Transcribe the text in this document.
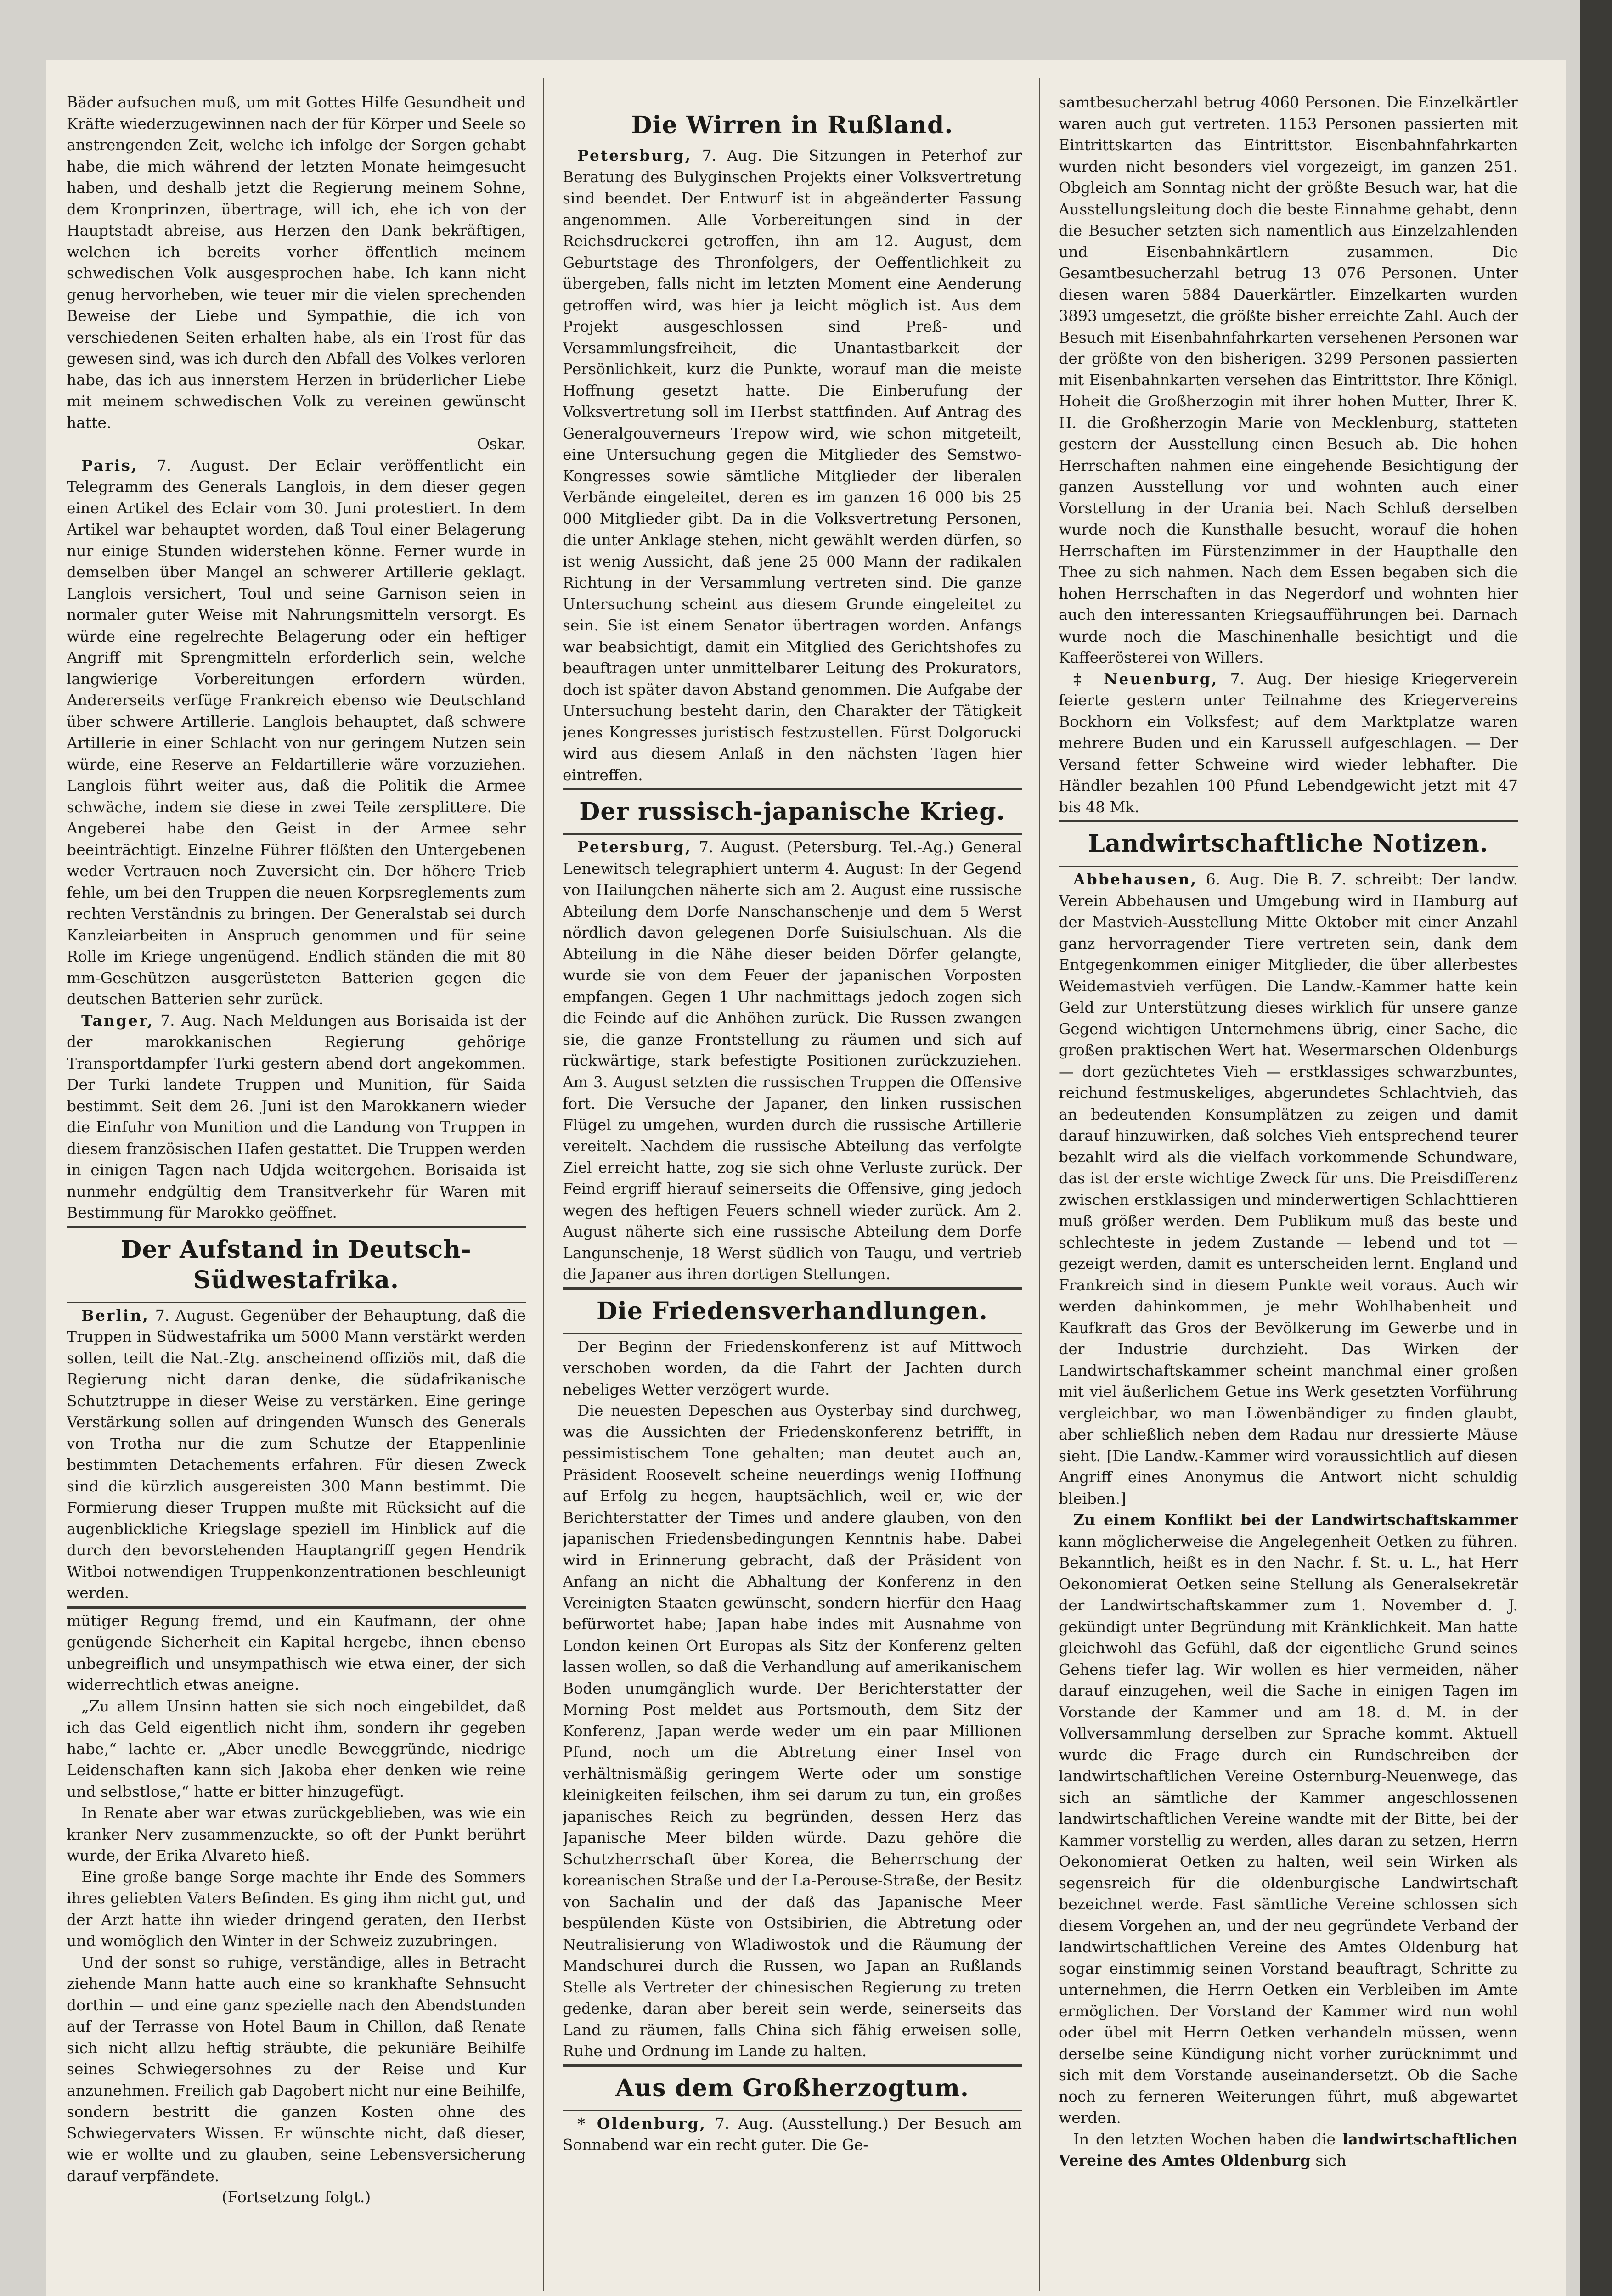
Bäder aufsuchen muß, um mit Gottes Hilfe Gesundheit und Kräfte wiederzugewinnen nach der für Körper und Seele so anstrengenden Zeit, welche ich infolge der Sorgen gehabt habe, die mich während der letzten Monate heimgesucht haben, und deshalb jetzt die Regierung meinem Sohne, dem Kronprinzen, übertrage, will ich, ehe ich von der Hauptstadt abreise, aus Herzen den Dank bekräftigen, welchen ich bereits vorher öffentlich meinem schwedischen Volk ausgesprochen habe. Ich kann nicht genug hervorheben, wie teuer mir die vielen sprechenden Beweise der Liebe und Sympathie, die ich von verschiedenen Seiten erhalten habe, als ein Trost für das gewesen sind, was ich durch den Abfall des Volkes verloren habe, das ich aus innerstem Herzen in brüderlicher Liebe mit meinem schwedischen Volk zu vereinen gewünscht hatte.

Oskar.

Paris, 7. August. Der Eclair veröffentlicht ein Telegramm des Generals Langlois, in dem dieser gegen einen Artikel des Eclair vom 30. Juni protestiert. In dem Artikel war behauptet worden, daß Toul einer Belagerung nur einige Stunden widerstehen könne. Ferner wurde in demselben über Mangel an schwerer Artillerie geklagt. Langlois versichert, Toul und seine Garnison seien in normaler guter Weise mit Nahrungsmitteln versorgt. Es würde eine regelrechte Belagerung oder ein heftiger Angriff mit Sprengmitteln erforderlich sein, welche langwierige Vorbereitungen erfordern würden. Andererseits verfüge Frankreich ebenso wie Deutschland über schwere Artillerie. Langlois behauptet, daß schwere Artillerie in einer Schlacht von nur geringem Nutzen sein würde, eine Reserve an Feldartillerie wäre vorzuziehen. Langlois führt weiter aus, daß die Politik die Armee schwäche, indem sie diese in zwei Teile zersplittere. Die Angeberei habe den Geist in der Armee sehr beeinträchtigt. Einzelne Führer flößten den Untergebenen weder Vertrauen noch Zuversicht ein. Der höhere Trieb fehle, um bei den Truppen die neuen Korpsreglements zum rechten Verständnis zu bringen. Der Generalstab sei durch Kanzleiarbeiten in Anspruch genommen und für seine Rolle im Kriege ungenügend. Endlich ständen die mit 80 mm-Geschützen ausgerüsteten Batterien gegen die deutschen Batterien sehr zurück.

Tanger, 7. Aug. Nach Meldungen aus Borisaida ist der der marokkanischen Regierung gehörige Transportdampfer Turki gestern abend dort angekommen. Der Turki landete Truppen und Munition, für Saida bestimmt. Seit dem 26. Juni ist den Marokkanern wieder die Einfuhr von Munition und die Landung von Truppen in diesem französischen Hafen gestattet. Die Truppen werden in einigen Tagen nach Udjda weitergehen. Borisaida ist nunmehr endgültig dem Transitverkehr für Waren mit Bestimmung für Marokko geöffnet.

Der Aufstand in Deutsch-Südwestafrika.

Berlin, 7. August. Gegenüber der Behauptung, daß die Truppen in Südwestafrika um 5000 Mann verstärkt werden sollen, teilt die Nat.-Ztg. anscheinend offiziös mit, daß die Regierung nicht daran denke, die südafrikanische Schutztruppe in dieser Weise zu verstärken. Eine geringe Verstärkung sollen auf dringenden Wunsch des Generals von Trotha nur die zum Schutze der Etappenlinie bestimmten Detachements erfahren. Für diesen Zweck sind die kürzlich ausgereisten 300 Mann bestimmt. Die Formierung dieser Truppen mußte mit Rücksicht auf die augenblickliche Kriegslage speziell im Hinblick auf die durch den bevorstehenden Hauptangriff gegen Hendrik Witboi notwendigen Truppenkonzentrationen beschleunigt werden.

mütiger Regung fremd, und ein Kaufmann, der ohne genügende Sicherheit ein Kapital hergebe, ihnen ebenso unbegreiflich und unsympathisch wie etwa einer, der sich widerrechtlich etwas aneigne.

„Zu allem Unsinn hatten sie sich noch eingebildet, daß ich das Geld eigentlich nicht ihm, sondern ihr gegeben habe,“ lachte er. „Aber unedle Beweggründe, niedrige Leidenschaften kann sich Jakoba eher denken wie reine und selbstlose,“ hatte er bitter hinzugefügt.

In Renate aber war etwas zurückgeblieben, was wie ein kranker Nerv zusammenzuckte, so oft der Punkt berührt wurde, der Erika Alvareto hieß.

Eine große bange Sorge machte ihr Ende des Sommers ihres geliebten Vaters Befinden. Es ging ihm nicht gut, und der Arzt hatte ihn wieder dringend geraten, den Herbst und womöglich den Winter in der Schweiz zuzubringen.

Und der sonst so ruhige, verständige, alles in Betracht ziehende Mann hatte auch eine so krankhafte Sehnsucht dorthin — und eine ganz spezielle nach den Abendstunden auf der Terrasse von Hotel Baum in Chillon, daß Renate sich nicht allzu heftig sträubte, die pekuniäre Beihilfe seines Schwiegersohnes zu der Reise und Kur anzunehmen. Freilich gab Dagobert nicht nur eine Beihilfe, sondern bestritt die ganzen Kosten ohne des Schwiegervaters Wissen. Er wünschte nicht, daß dieser, wie er wollte und zu glauben, seine Lebensversicherung darauf verpfändete.

(Fortsetzung folgt.)

Die Wirren in Rußland.

Petersburg, 7. Aug. Die Sitzungen in Peterhof zur Beratung des Bulyginschen Projekts einer Volksvertretung sind beendet. Der Entwurf ist in abgeänderter Fassung angenommen. Alle Vorbereitungen sind in der Reichsdruckerei getroffen, ihn am 12. August, dem Geburtstage des Thronfolgers, der Oeffentlichkeit zu übergeben, falls nicht im letzten Moment eine Aenderung getroffen wird, was hier ja leicht möglich ist. Aus dem Projekt ausgeschlossen sind Preß- und Versammlungsfreiheit, die Unantastbarkeit der Persönlichkeit, kurz die Punkte, worauf man die meiste Hoffnung gesetzt hatte. Die Einberufung der Volksvertretung soll im Herbst stattfinden. Auf Antrag des Generalgouverneurs Trepow wird, wie schon mitgeteilt, eine Untersuchung gegen die Mitglieder des Semstwo-Kongresses sowie sämtliche Mitglieder der liberalen Verbände eingeleitet, deren es im ganzen 16 000 bis 25 000 Mitglieder gibt. Da in die Volksvertretung Personen, die unter Anklage stehen, nicht gewählt werden dürfen, so ist wenig Aussicht, daß jene 25 000 Mann der radikalen Richtung in der Versammlung vertreten sind. Die ganze Untersuchung scheint aus diesem Grunde eingeleitet zu sein. Sie ist einem Senator übertragen worden. Anfangs war beabsichtigt, damit ein Mitglied des Gerichtshofes zu beauftragen unter unmittelbarer Leitung des Prokurators, doch ist später davon Abstand genommen. Die Aufgabe der Untersuchung besteht darin, den Charakter der Tätigkeit jenes Kongresses juristisch festzustellen. Fürst Dolgorucki wird aus diesem Anlaß in den nächsten Tagen hier eintreffen.

Der russisch-japanische Krieg.

Petersburg, 7. August. (Petersburg. Tel.-Ag.) General Lenewitsch telegraphiert unterm 4. August: In der Gegend von Hailungchen näherte sich am 2. August eine russische Abteilung dem Dorfe Nanschanschenje und dem 5 Werst nördlich davon gelegenen Dorfe Suisiulschuan. Als die Abteilung in die Nähe dieser beiden Dörfer gelangte, wurde sie von dem Feuer der japanischen Vorposten empfangen. Gegen 1 Uhr nachmittags jedoch zogen sich die Feinde auf die Anhöhen zurück. Die Russen zwangen sie, die ganze Frontstellung zu räumen und sich auf rückwärtige, stark befestigte Positionen zurückzuziehen. Am 3. August setzten die russischen Truppen die Offensive fort. Die Versuche der Japaner, den linken russischen Flügel zu umgehen, wurden durch die russische Artillerie vereitelt. Nachdem die russische Abteilung das verfolgte Ziel erreicht hatte, zog sie sich ohne Verluste zurück. Der Feind ergriff hierauf seinerseits die Offensive, ging jedoch wegen des heftigen Feuers schnell wieder zurück. Am 2. August näherte sich eine russische Abteilung dem Dorfe Langunschenje, 18 Werst südlich von Taugu, und vertrieb die Japaner aus ihren dortigen Stellungen.

Die Friedensverhandlungen.

Der Beginn der Friedenskonferenz ist auf Mittwoch verschoben worden, da die Fahrt der Jachten durch nebeliges Wetter verzögert wurde.

Die neuesten Depeschen aus Oysterbay sind durchweg, was die Aussichten der Friedenskonferenz betrifft, in pessimistischem Tone gehalten; man deutet auch an, Präsident Roosevelt scheine neuerdings wenig Hoffnung auf Erfolg zu hegen, hauptsächlich, weil er, wie der Berichterstatter der Times und andere glauben, von den japanischen Friedensbedingungen Kenntnis habe. Dabei wird in Erinnerung gebracht, daß der Präsident von Anfang an nicht die Abhaltung der Konferenz in den Vereinigten Staaten gewünscht, sondern hierfür den Haag befürwortet habe; Japan habe indes mit Ausnahme von London keinen Ort Europas als Sitz der Konferenz gelten lassen wollen, so daß die Verhandlung auf amerikanischem Boden unumgänglich wurde. Der Berichterstatter der Morning Post meldet aus Portsmouth, dem Sitz der Konferenz, Japan werde weder um ein paar Millionen Pfund, noch um die Abtretung einer Insel von verhältnismäßig geringem Werte oder um sonstige kleinigkeiten feilschen, ihm sei darum zu tun, ein großes japanisches Reich zu begründen, dessen Herz das Japanische Meer bilden würde. Dazu gehöre die Schutzherrschaft über Korea, die Beherrschung der koreanischen Straße und der La-Perouse-Straße, der Besitz von Sachalin und der daß das Japanische Meer bespülenden Küste von Ostsibirien, die Abtretung oder Neutralisierung von Wladiwostok und die Räumung der Mandschurei durch die Russen, wo Japan an Rußlands Stelle als Vertreter der chinesischen Regierung zu treten gedenke, daran aber bereit sein werde, seinerseits das Land zu räumen, falls China sich fähig erweisen solle, Ruhe und Ordnung im Lande zu halten.

Aus dem Großherzogtum.

* Oldenburg, 7. Aug. (Ausstellung.) Der Besuch am Sonnabend war ein recht guter. Die Ge-

samtbesucherzahl betrug 4060 Personen. Die Einzelkärtler waren auch gut vertreten. 1153 Personen passierten mit Eintrittskarten das Eintrittstor. Eisenbahnfahrkarten wurden nicht besonders viel vorgezeigt, im ganzen 251. Obgleich am Sonntag nicht der größte Besuch war, hat die Ausstellungsleitung doch die beste Einnahme gehabt, denn die Besucher setzten sich namentlich aus Einzelzahlenden und Eisenbahnkärtlern zusammen. Die Gesamtbesucherzahl betrug 13 076 Personen. Unter diesen waren 5884 Dauerkärtler. Einzelkarten wurden 3893 umgesetzt, die größte bisher erreichte Zahl. Auch der Besuch mit Eisenbahnfahrkarten versehenen Personen war der größte von den bisherigen. 3299 Personen passierten mit Eisenbahnkarten versehen das Eintrittstor. Ihre Königl. Hoheit die Großherzogin mit ihrer hohen Mutter, Ihrer K. H. die Großherzogin Marie von Mecklenburg, statteten gestern der Ausstellung einen Besuch ab. Die hohen Herrschaften nahmen eine eingehende Besichtigung der ganzen Ausstellung vor und wohnten auch einer Vorstellung in der Urania bei. Nach Schluß derselben wurde noch die Kunsthalle besucht, worauf die hohen Herrschaften im Fürstenzimmer in der Haupthalle den Thee zu sich nahmen. Nach dem Essen begaben sich die hohen Herrschaften in das Negerdorf und wohnten hier auch den interessanten Kriegsaufführungen bei. Darnach wurde noch die Maschinenhalle besichtigt und die Kaffeerösterei von Willers.

‡ Neuenburg, 7. Aug. Der hiesige Kriegerverein feierte gestern unter Teilnahme des Kriegervereins Bockhorn ein Volksfest; auf dem Marktplatze waren mehrere Buden und ein Karussell aufgeschlagen. — Der Versand fetter Schweine wird wieder lebhafter. Die Händler bezahlen 100 Pfund Lebendgewicht jetzt mit 47 bis 48 Mk.

Landwirtschaftliche Notizen.

Abbehausen, 6. Aug. Die B. Z. schreibt: Der landw. Verein Abbehausen und Umgebung wird in Hamburg auf der Mastvieh-Ausstellung Mitte Oktober mit einer Anzahl ganz hervorragender Tiere vertreten sein, dank dem Entgegenkommen einiger Mitglieder, die über allerbestes Weidemastvieh verfügen. Die Landw.-Kammer hatte kein Geld zur Unterstützung dieses wirklich für unsere ganze Gegend wichtigen Unternehmens übrig, einer Sache, die großen praktischen Wert hat. Wesermarschen Oldenburgs — dort gezüchtetes Vieh — erstklassiges schwarzbuntes, reichund festmuskeliges, abgerundetes Schlachtvieh, das an bedeutenden Konsumplätzen zu zeigen und damit darauf hinzuwirken, daß solches Vieh entsprechend teurer bezahlt wird als die vielfach vorkommende Schundware, das ist der erste wichtige Zweck für uns. Die Preisdifferenz zwischen erstklassigen und minderwertigen Schlachttieren muß größer werden. Dem Publikum muß das beste und schlechteste in jedem Zustande — lebend und tot — gezeigt werden, damit es unterscheiden lernt. England und Frankreich sind in diesem Punkte weit voraus. Auch wir werden dahinkommen, je mehr Wohlhabenheit und Kaufkraft das Gros der Bevölkerung im Gewerbe und in der Industrie durchzieht. Das Wirken der Landwirtschaftskammer scheint manchmal einer großen mit viel äußerlichem Getue ins Werk gesetzten Vorführung vergleichbar, wo man Löwenbändiger zu finden glaubt, aber schließlich neben dem Radau nur dressierte Mäuse sieht. [Die Landw.-Kammer wird voraussichtlich auf diesen Angriff eines Anonymus die Antwort nicht schuldig bleiben.]

Zu einem Konflikt bei der Landwirtschaftskammer kann möglicherweise die Angelegenheit Oetken zu führen. Bekanntlich, heißt es in den Nachr. f. St. u. L., hat Herr Oekonomierat Oetken seine Stellung als Generalsekretär der Landwirtschaftskammer zum 1. November d. J. gekündigt unter Begründung mit Kränklichkeit. Man hatte gleichwohl das Gefühl, daß der eigentliche Grund seines Gehens tiefer lag. Wir wollen es hier vermeiden, näher darauf einzugehen, weil die Sache in einigen Tagen im Vorstande der Kammer und am 18. d. M. in der Vollversammlung derselben zur Sprache kommt. Aktuell wurde die Frage durch ein Rundschreiben der landwirtschaftlichen Vereine Osternburg-Neuenwege, das sich an sämtliche der Kammer angeschlossenen landwirtschaftlichen Vereine wandte mit der Bitte, bei der Kammer vorstellig zu werden, alles daran zu setzen, Herrn Oekonomierat Oetken zu halten, weil sein Wirken als segensreich für die oldenburgische Landwirtschaft bezeichnet werde. Fast sämtliche Vereine schlossen sich diesem Vorgehen an, und der neu gegründete Verband der landwirtschaftlichen Vereine des Amtes Oldenburg hat sogar einstimmig seinen Vorstand beauftragt, Schritte zu unternehmen, die Herrn Oetken ein Verbleiben im Amte ermöglichen. Der Vorstand der Kammer wird nun wohl oder übel mit Herrn Oetken verhandeln müssen, wenn derselbe seine Kündigung nicht vorher zurücknimmt und sich mit dem Vorstande auseinandersetzt. Ob die Sache noch zu ferneren Weiterungen führt, muß abgewartet werden.

In den letzten Wochen haben die landwirtschaftlichen Vereine des Amtes Oldenburg sich
